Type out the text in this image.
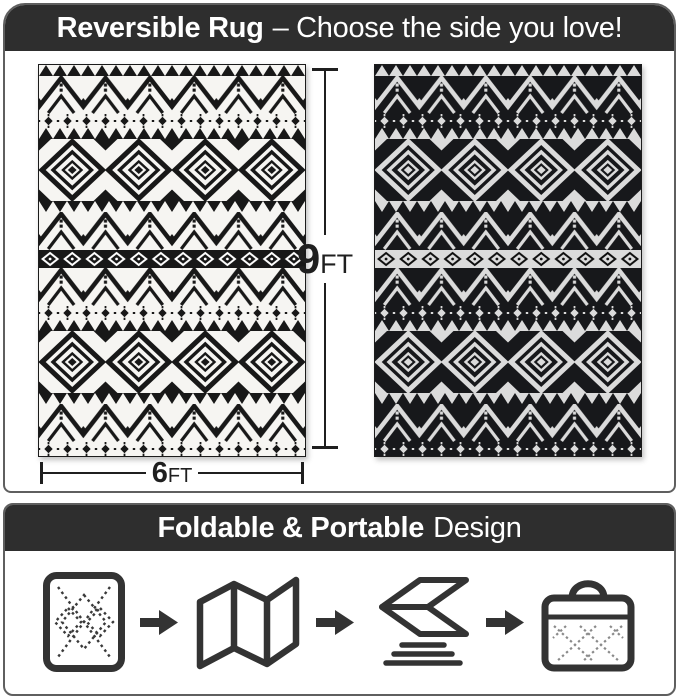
Reversible Rug – Choose the side you love!
9 FT
6 FT
Foldable & Portable Design
